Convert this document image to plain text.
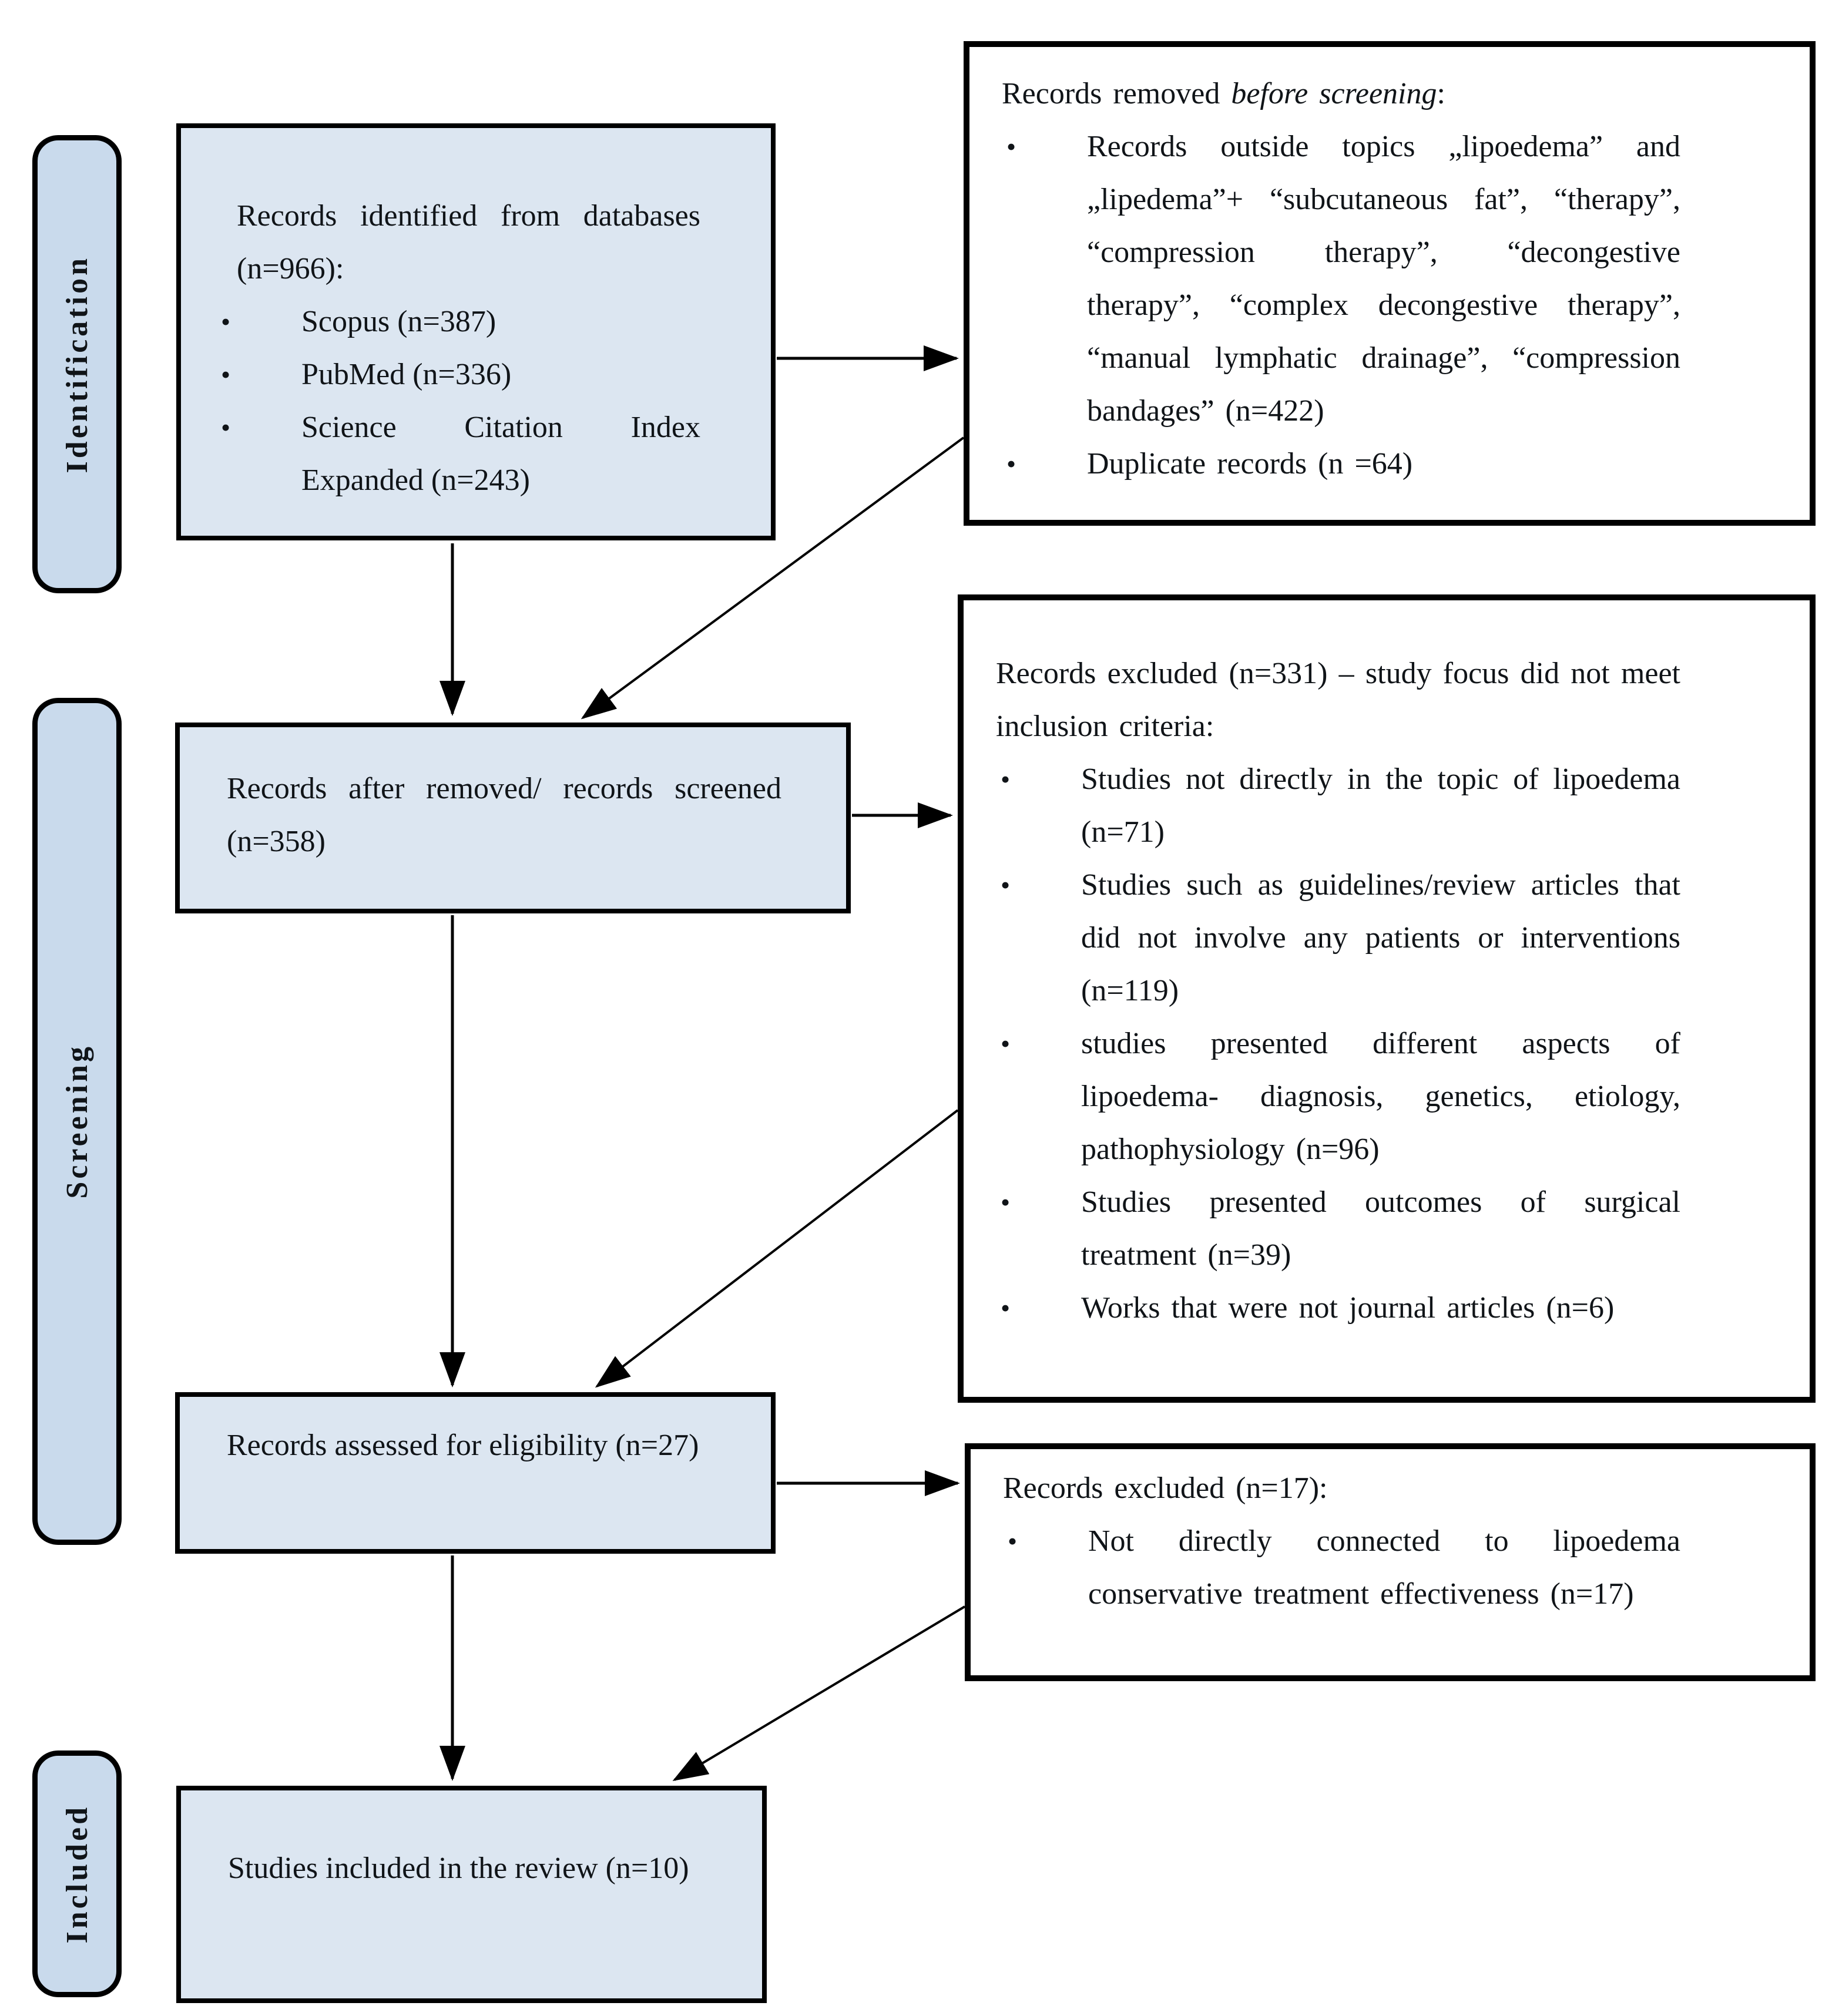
Identification
Screening
Included
Records identified from databases (n=966):
•	Scopus (n=387)
•	PubMed (n=336)
•	Science Citation Index Expanded (n=243)
Records removed before screening:
•	Records outside topics „lipoedema” and „lipedema”+ “subcutaneous fat”, “therapy”, “compression therapy”, “decongestive therapy”, “complex decongestive therapy”, “manual lymphatic drainage”, “compression bandages” (n=422)
•	Duplicate records (n =64)
Records after removed/ records screened (n=358)
Records excluded (n=331) – study focus did not meet inclusion criteria:
•	Studies not directly in the topic of lipoedema (n=71)
•	Studies such as guidelines/review articles that did not involve any patients or interventions (n=119)
•	studies presented different aspects of lipoedema- diagnosis, genetics, etiology, pathophysiology (n=96)
•	Studies presented outcomes of surgical treatment (n=39)
•	Works that were not journal articles (n=6)
Records assessed for eligibility (n=27)
Records excluded (n=17):
•	Not directly connected to lipoedema conservative treatment effectiveness (n=17)
Studies included in the review (n=10)
